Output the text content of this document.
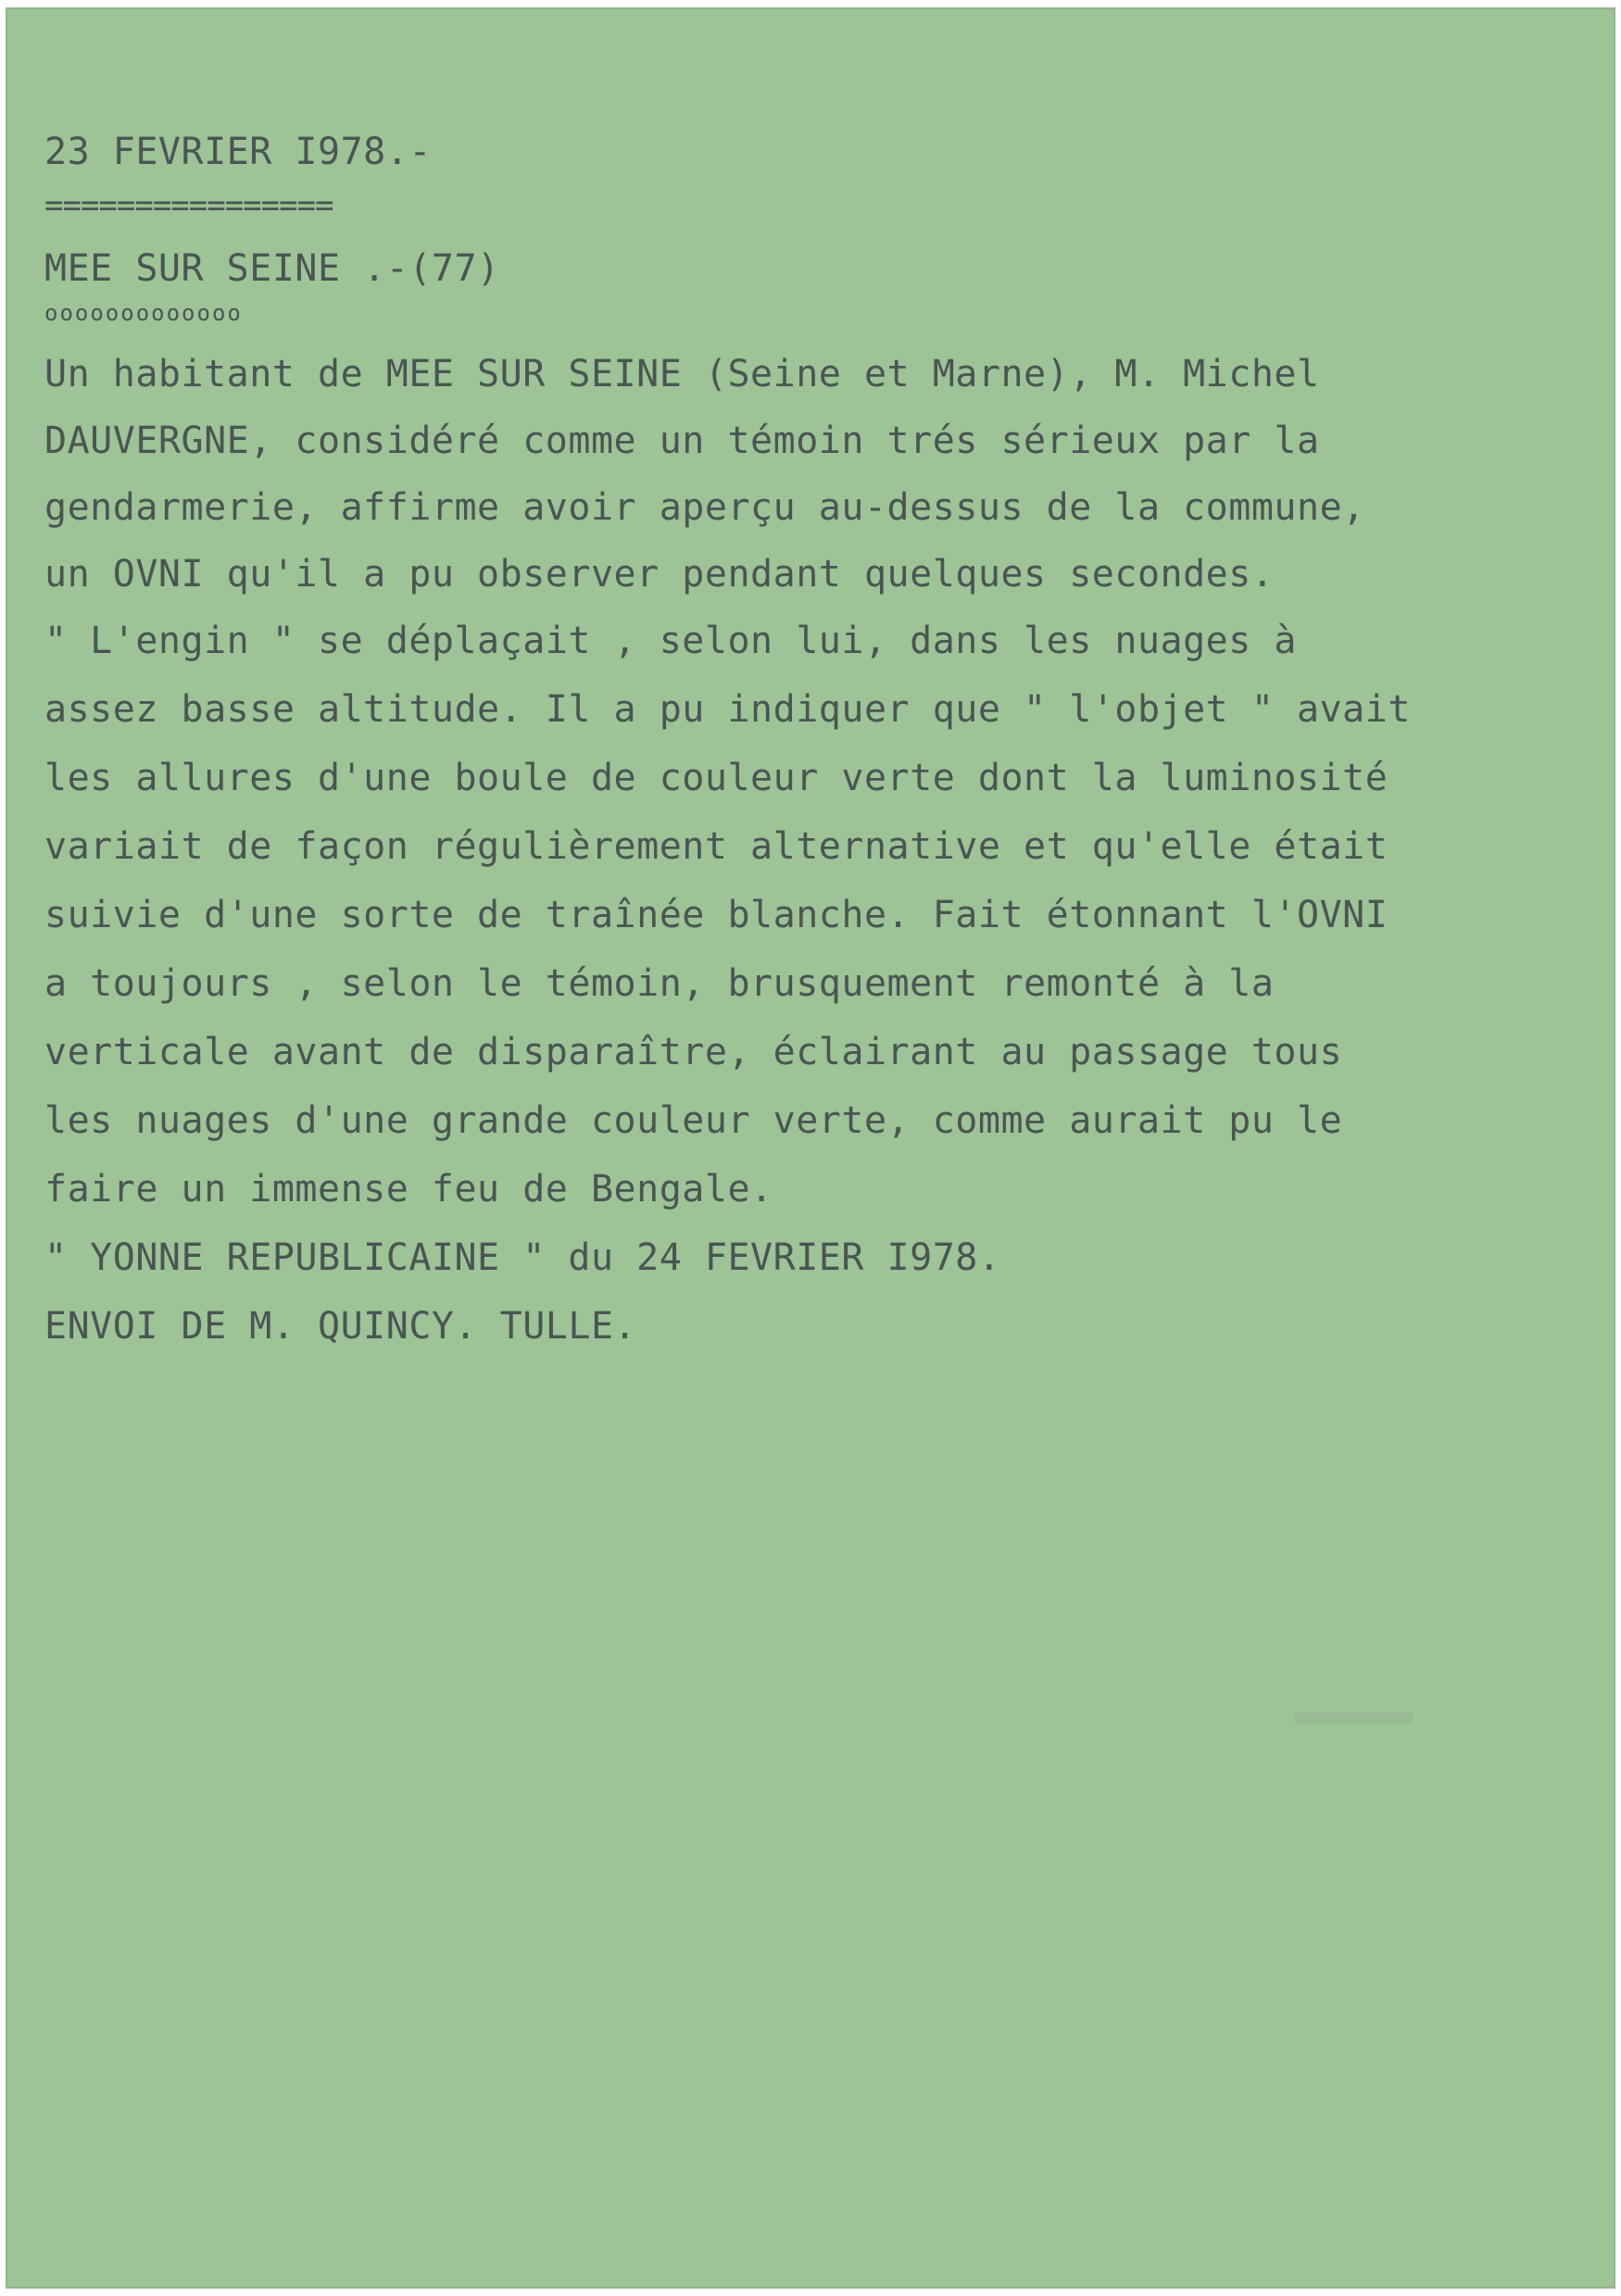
23 FEVRIER I978.-

================

MEE SUR SEINE .-(77)

ooooooooooooo

Un habitant de MEE SUR SEINE (Seine et Marne), M. Michel

DAUVERGNE, considéré comme un témoin trés sérieux par la

gendarmerie, affirme avoir aperçu au-dessus de la commune,

un OVNI qu'il a pu observer pendant quelques secondes.

" L'engin " se déplaçait , selon lui, dans les nuages à

assez basse altitude. Il a pu indiquer que " l'objet " avait

les allures d'une boule de couleur verte dont la luminosité

variait de façon régulièrement alternative et qu'elle était

suivie d'une sorte de traînée blanche. Fait étonnant l'OVNI

a toujours , selon le témoin, brusquement remonté à la

verticale avant de disparaître, éclairant au passage tous

les nuages d'une grande couleur verte, comme aurait pu le

faire un immense feu de Bengale.

" YONNE REPUBLICAINE " du 24 FEVRIER I978.

ENVOI DE M. QUINCY. TULLE.
